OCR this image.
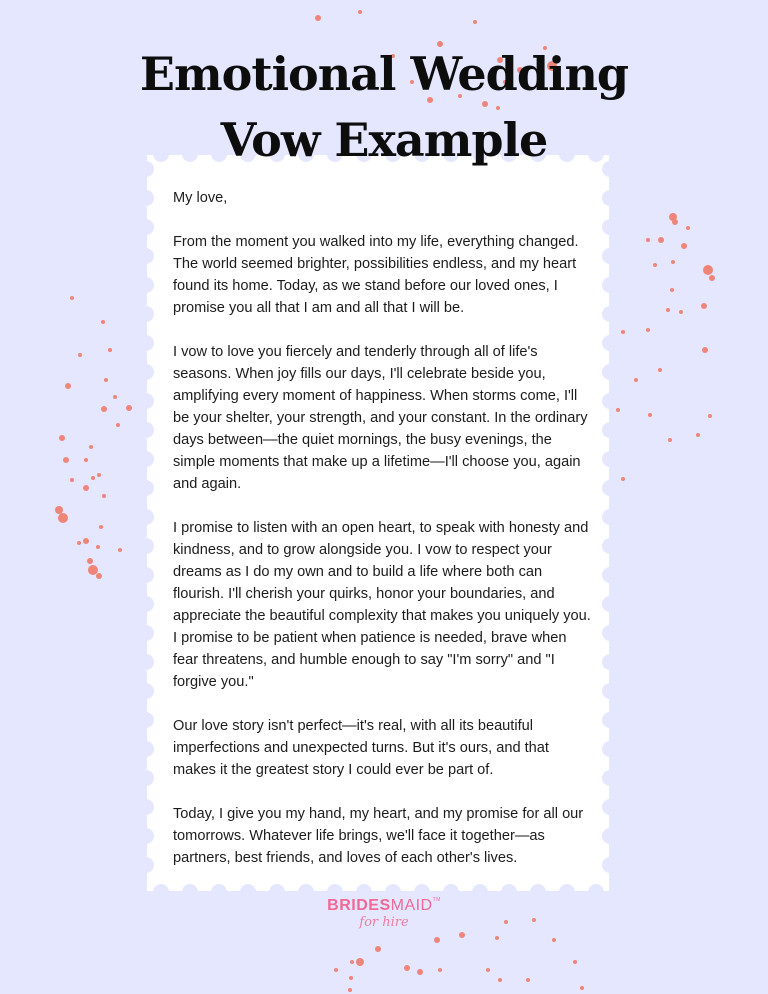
Emotional Wedding
Vow Example

My love,

From the moment you walked into my life, everything changed. The world seemed brighter, possibilities endless, and my heart found its home. Today, as we stand before our loved ones, I promise you all that I am and all that I will be.

I vow to love you fiercely and tenderly through all of life's seasons. When joy fills our days, I'll celebrate beside you, amplifying every moment of happiness. When storms come, I'll be your shelter, your strength, and your constant. In the ordinary days between—the quiet mornings, the busy evenings, the simple moments that make up a lifetime—I'll choose you, again and again.

I promise to listen with an open heart, to speak with honesty and kindness, and to grow alongside you. I vow to respect your dreams as I do my own and to build a life where both can flourish. I'll cherish your quirks, honor your boundaries, and appreciate the beautiful complexity that makes you uniquely you.

I promise to be patient when patience is needed, brave when fear threatens, and humble enough to say "I'm sorry" and "I forgive you."

Our love story isn't perfect—it's real, with all its beautiful imperfections and unexpected turns. But it's ours, and that makes it the greatest story I could ever be part of.

Today, I give you my hand, my heart, and my promise for all our tomorrows. Whatever life brings, we'll face it together—as partners, best friends, and loves of each other's lives.

BRIDESMAID™
for hire
